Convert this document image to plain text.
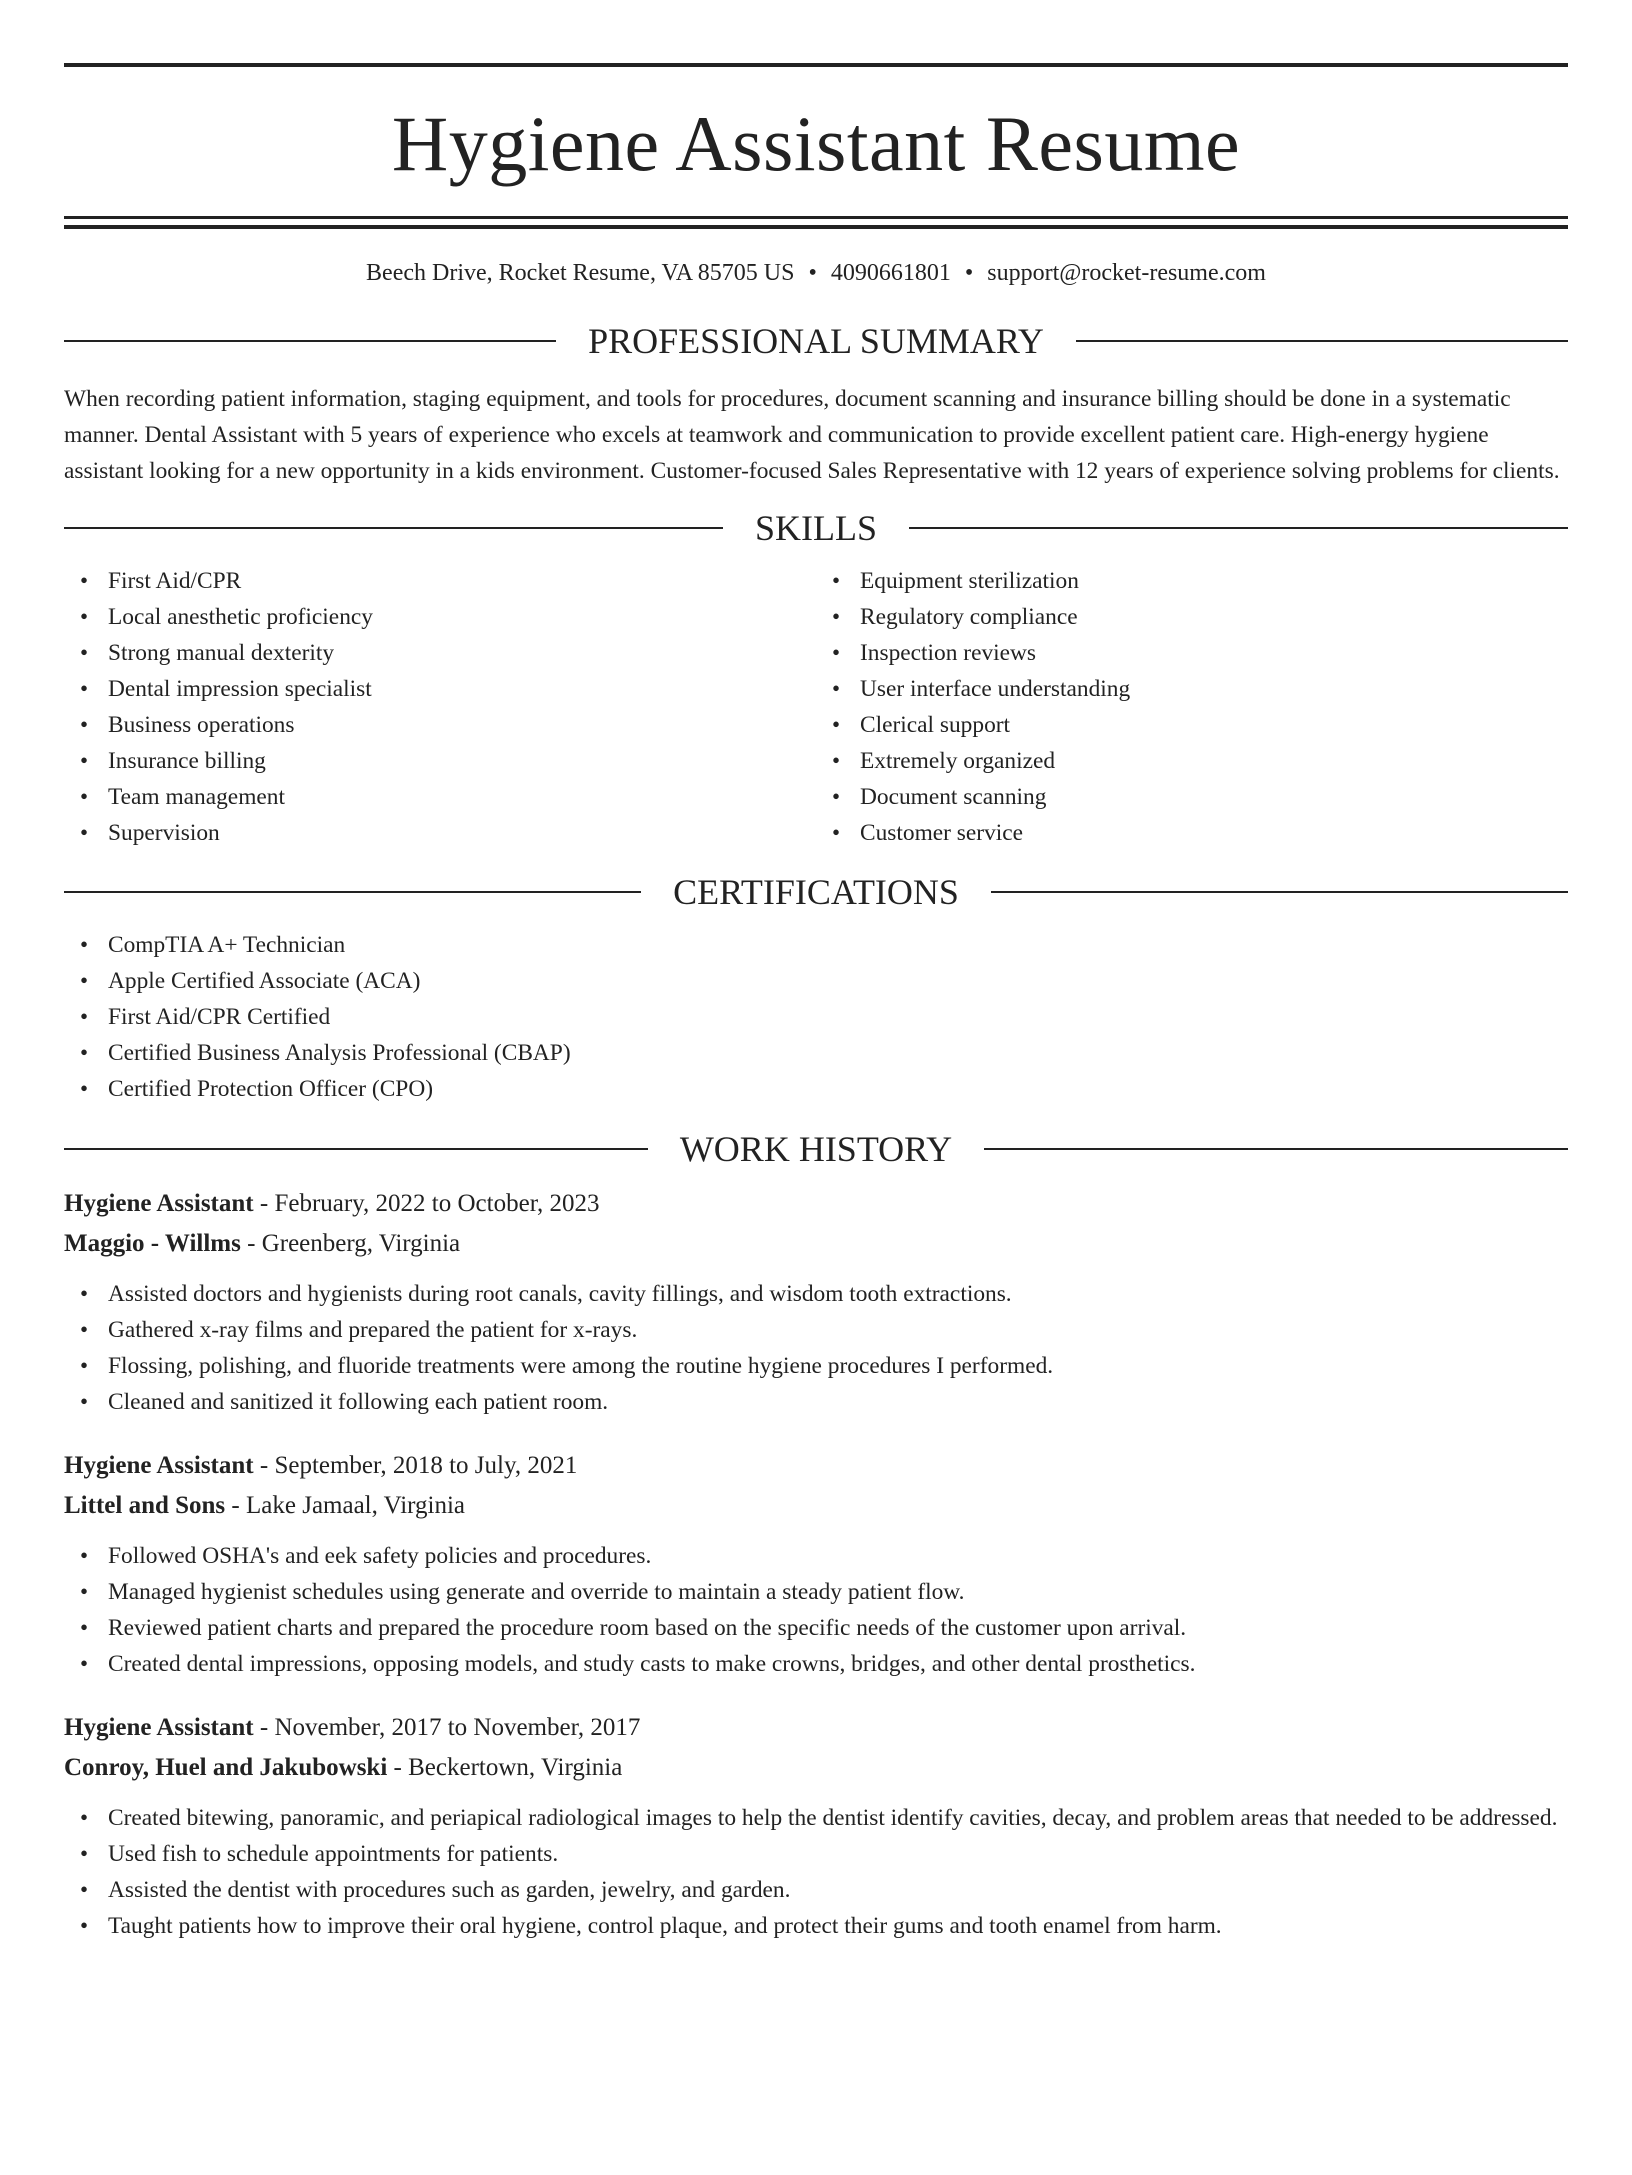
Hygiene Assistant Resume
Beech Drive, Rocket Resume, VA 85705 US • 4090661801 • support@rocket-resume.com
PROFESSIONAL SUMMARY

When recording patient information, staging equipment, and tools for procedures, document scanning and insurance billing should be done in a systematic manner. Dental Assistant with 5 years of experience who excels at teamwork and communication to provide excellent patient care. High-energy hygiene assistant looking for a new opportunity in a kids environment. Customer-focused Sales Representative with 12 years of experience solving problems for clients.

SKILLS
• First Aid/CPR
• Local anesthetic proficiency
• Strong manual dexterity
• Dental impression specialist
• Business operations
• Insurance billing
• Team management
• Supervision
• Equipment sterilization
• Regulatory compliance
• Inspection reviews
• User interface understanding
• Clerical support
• Extremely organized
• Document scanning
• Customer service
CERTIFICATIONS
• CompTIA A+ Technician
• Apple Certified Associate (ACA)
• First Aid/CPR Certified
• Certified Business Analysis Professional (CBAP)
• Certified Protection Officer (CPO)
WORK HISTORY
Hygiene Assistant - February, 2022 to October, 2023
Maggio - Willms - Greenberg, Virginia
• Assisted doctors and hygienists during root canals, cavity fillings, and wisdom tooth extractions.
• Gathered x-ray films and prepared the patient for x-rays.
• Flossing, polishing, and fluoride treatments were among the routine hygiene procedures I performed.
• Cleaned and sanitized it following each patient room.
Hygiene Assistant - September, 2018 to July, 2021
Littel and Sons - Lake Jamaal, Virginia
• Followed OSHA's and eek safety policies and procedures.
• Managed hygienist schedules using generate and override to maintain a steady patient flow.
• Reviewed patient charts and prepared the procedure room based on the specific needs of the customer upon arrival.
• Created dental impressions, opposing models, and study casts to make crowns, bridges, and other dental prosthetics.
Hygiene Assistant - November, 2017 to November, 2017
Conroy, Huel and Jakubowski - Beckertown, Virginia
• Created bitewing, panoramic, and periapical radiological images to help the dentist identify cavities, decay, and problem areas that needed to be addressed.
• Used fish to schedule appointments for patients.
• Assisted the dentist with procedures such as garden, jewelry, and garden.
• Taught patients how to improve their oral hygiene, control plaque, and protect their gums and tooth enamel from harm.
